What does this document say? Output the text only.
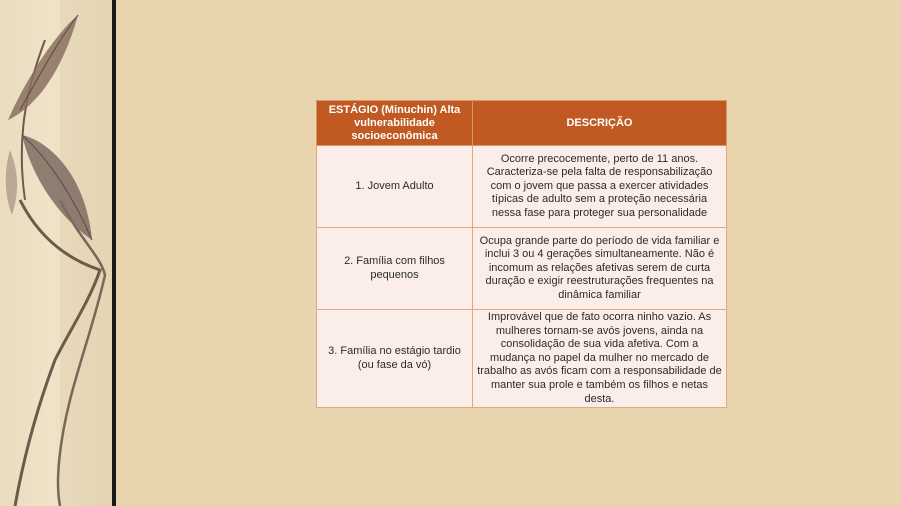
ESTÁGIO (Minuchin) Alta vulnerabilidade socioeconômica	DESCRIÇÃO
1. Jovem Adulto	Ocorre precocemente, perto de 11 anos. Caracteriza-se pela falta de responsabilização com o jovem que passa a exercer atividades típicas de adulto sem a proteção necessária nessa fase para proteger sua personalidade
2. Família com filhos pequenos	Ocupa grande parte do período de vida familiar e inclui 3 ou 4 gerações simultaneamente. Não é incomum as relações afetivas serem de curta duração e exigir reestruturações frequentes na dinâmica familiar
3. Família no estágio tardio (ou fase da vó)	Improvável que de fato ocorra ninho vazio. As mulheres tornam-se avós jovens, ainda na consolidação de sua vida afetiva. Com a mudança no papel da mulher no mercado de trabalho as avós ficam com a responsabilidade de manter sua prole e também os filhos e netas desta.
